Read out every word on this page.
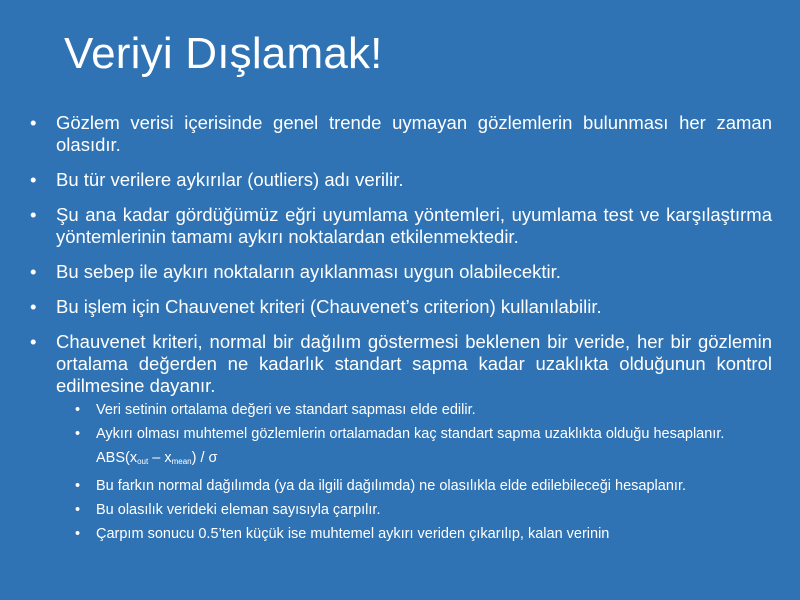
Veriyi Dışlamak!
• Gözlem verisi içerisinde genel trende uymayan gözlemlerin bulunması her zaman olasıdır.
• Bu tür verilere aykırılar (outliers) adı verilir.
• Şu ana kadar gördüğümüz eğri uyumlama yöntemleri, uyumlama test ve karşılaştırma yöntemlerinin tamamı aykırı noktalardan etkilenmektedir.
• Bu sebep ile aykırı noktaların ayıklanması uygun olabilecektir.
• Bu işlem için Chauvenet kriteri (Chauvenet’s criterion) kullanılabilir.
• Chauvenet kriteri, normal bir dağılım göstermesi beklenen bir veride, her bir gözlemin ortalama değerden ne kadarlık standart sapma kadar uzaklıkta olduğunun kontrol edilmesine dayanır.
• Veri setinin ortalama değeri ve standart sapması elde edilir.
• Aykırı olması muhtemel gözlemlerin ortalamadan kaç standart sapma uzaklıkta olduğu hesaplanır.
$ABS(x_{out} - x_{mean})$ / σ
• Bu farkın normal dağılımda (ya da ilgili dağılımda) ne olasılıkla elde edilebileceği hesaplanır.
• Bu olasılık verideki eleman sayısıyla çarpılır.
• Çarpım sonucu 0.5’ten küçük ise muhtemel aykırı veriden çıkarılıp, kalan verinin
